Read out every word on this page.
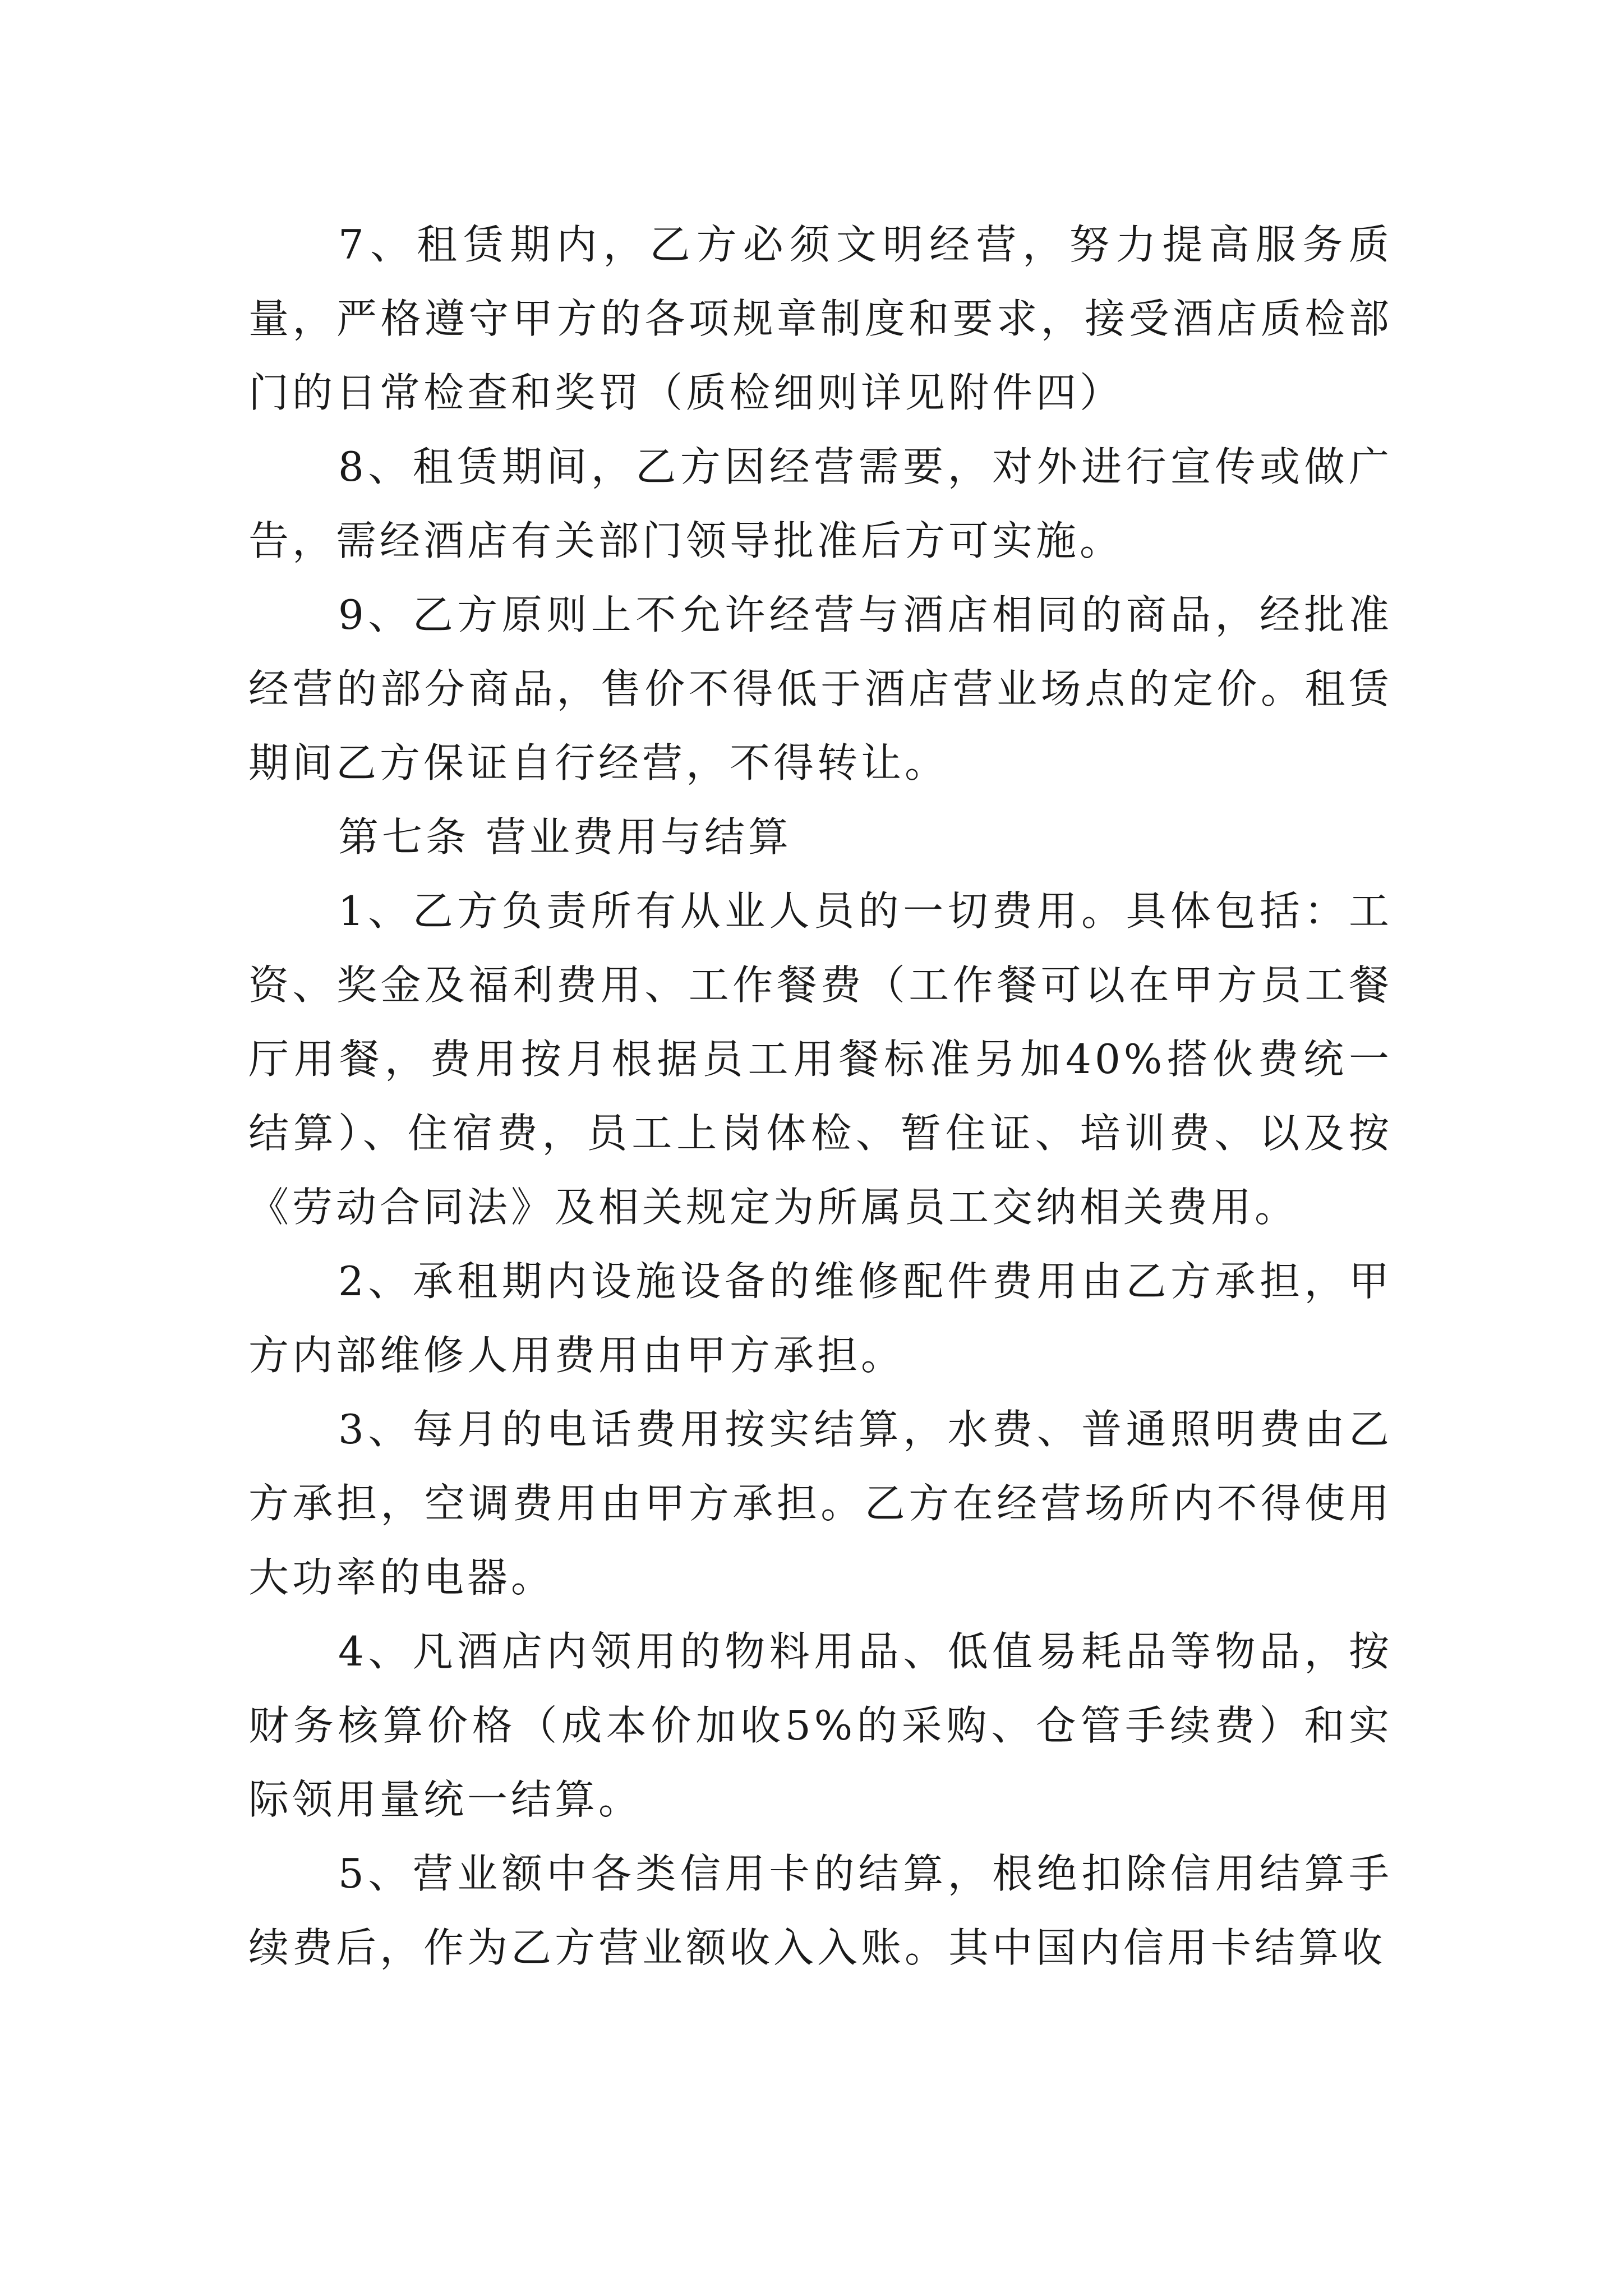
7、租赁期内，乙方必须文明经营，努力提高服务质量，严格遵守甲方的各项规章制度和要求，接受酒店质检部门的日常检查和奖罚（质检细则详见附件四）

8、租赁期间，乙方因经营需要，对外进行宣传或做广告，需经酒店有关部门领导批准后方可实施。

9、乙方原则上不允许经营与酒店相同的商品，经批准经营的部分商品，售价不得低于酒店营业场点的定价。租赁期间乙方保证自行经营，不得转让。

第七条 营业费用与结算

1、乙方负责所有从业人员的一切费用。具体包括：工资、奖金及福利费用、工作餐费（工作餐可以在甲方员工餐厅用餐，费用按月根据员工用餐标准另加40%搭伙费统一结算）、住宿费，员工上岗体检、暂住证、培训费、以及按《劳动合同法》及相关规定为所属员工交纳相关费用。

2、承租期内设施设备的维修配件费用由乙方承担，甲方内部维修人用费用由甲方承担。

3、每月的电话费用按实结算，水费、普通照明费由乙方承担，空调费用由甲方承担。乙方在经营场所内不得使用大功率的电器。

4、凡酒店内领用的物料用品、低值易耗品等物品，按财务核算价格（成本价加收5%的采购、仓管手续费）和实际领用量统一结算。

5、营业额中各类信用卡的结算，根绝扣除信用结算手续费后，作为乙方营业额收入入账。其中国内信用卡结算收
